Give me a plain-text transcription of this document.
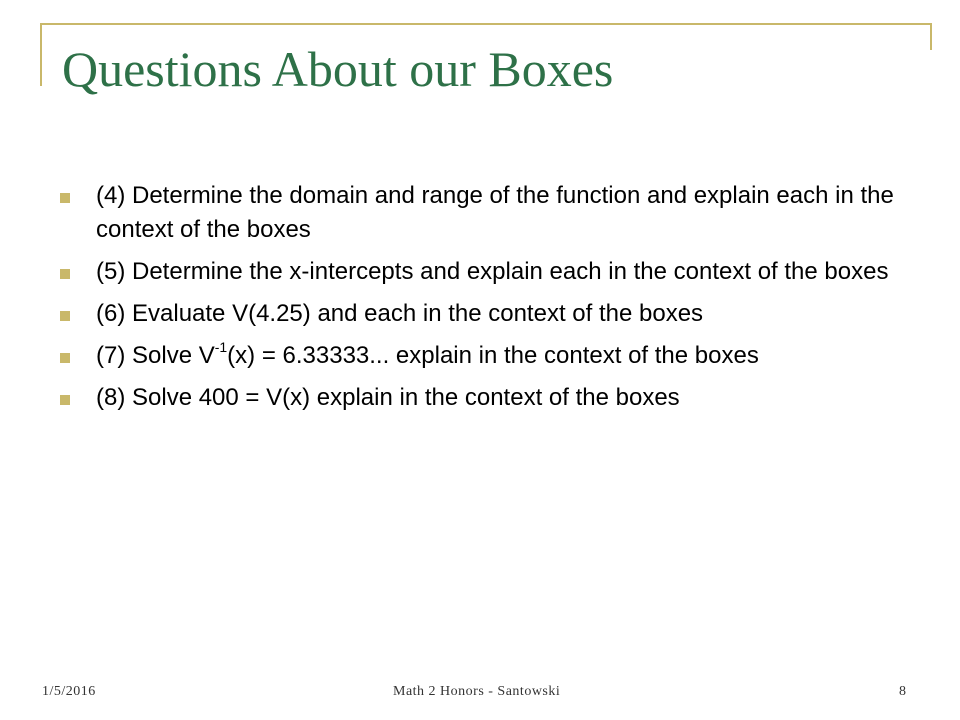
Questions About our Boxes
(4) Determine the domain and range of the function and explain each in the context of the boxes
(5) Determine the x-intercepts and explain each in the context of the boxes
(6) Evaluate V(4.25) and each in the context of the boxes
(7) Solve $V^{-1}(x) = 6.33333$... explain in the context of the boxes
(8) Solve 400 = V(x) explain in the context of the boxes
1/5/2016	Math 2 Honors - Santowski	8
